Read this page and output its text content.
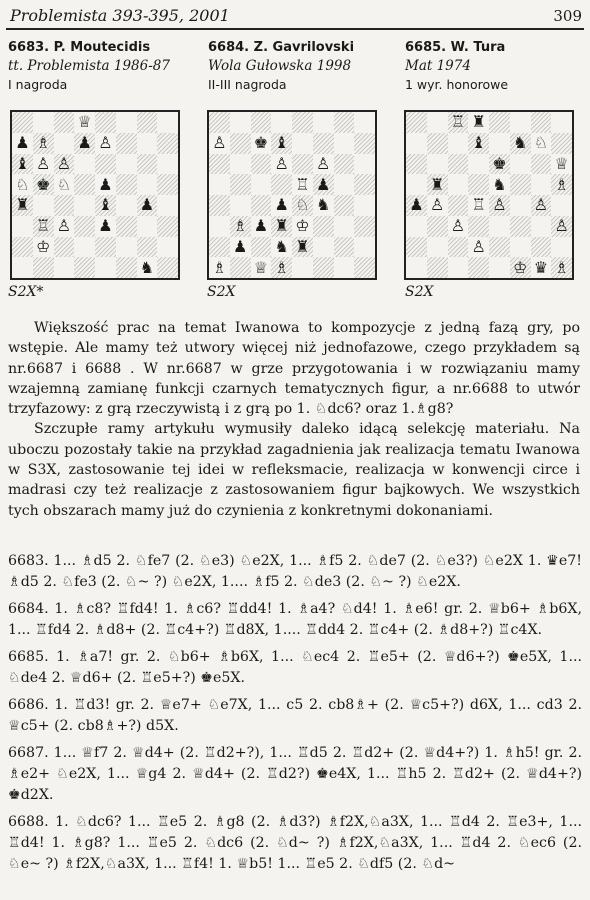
Problemista 393-395, 2001	309
6683. P. Moutecidis
tt. Problemista 1986-87
I nagroda
6684. Z. Gavrilovski
Wola Gułowska 1998
II-III nagroda
6685. W. Tura
Mat 1974
1 wyr. honorowe
♕
♟ ♗ ♟ ♙
♝ ♙ ♙
♘ ♚ ♘ ♟
♜	♝ ♟
♖ ♙ ♟
♔
♞
♙ ♚ ♝
♙ ♙
♖ ♟
♟ ♘ ♞
♗ ♟ ♜ ♔
♟ ♞ ♜
♗ ♕ ♗
♖ ♜
♝ ♞ ♘
♚	♕
♜	♞	♗
♟ ♙ ♖ ♙ ♙
♙	♙
♙
♔ ♛ ♗
S2X*	S2X	S2X

Większość prac na temat Iwanowa to kompozycje z jedną fazą gry, po wstępie. Ale mamy też utwory więcej niż jednofazowe, czego przykładem są nr.6687 i 6688 . W nr.6687 w grze przygotowania i w rozwiązaniu mamy wzajemną zamianę funkcji czarnych tematycznych figur, a nr.6688 to utwór trzyfazowy: z grą rzeczywistą i z grą po 1. ♘dc6? oraz 1.♗g8?

Szczupłe ramy artykułu wymusiły daleko idącą selekcję materiału. Na uboczu pozostały takie na przykład zagadnienia jak realizacja tematu Iwanowa w S3X, zastosowanie tej idei w refleksmacie, realizacja w konwencji circe i madrasi czy też realizacje z zastosowaniem figur bajkowych. We wszystkich tych obszarach mamy już do czynienia z konkretnymi dokonaniami.

6683. 1... ♗d5 2. ♘fe7 (2. ♘e3) ♘e2X, 1... ♗f5 2. ♘de7 (2. ♘e3?) ♘e2X 1. ♛e7! ♗d5 2. ♘fe3 (2. ♘~ ?) ♘e2X, 1.... ♗f5 2. ♘de3 (2. ♘~ ?) ♘e2X.

6684. 1. ♗c8? ♖fd4! 1. ♗c6? ♖dd4! 1. ♗a4? ♘d4! 1. ♗e6! gr. 2. ♕b6+ ♗b6X, 1... ♖fd4 2. ♗d8+ (2. ♖c4+?) ♖d8X, 1.... ♖dd4 2. ♖c4+ (2. ♗d8+?) ♖c4X.

6685. 1. ♗a7! gr. 2. ♘b6+ ♗b6X, 1... ♘ec4 2. ♖e5+ (2. ♕d6+?) ♚e5X, 1... ♘de4 2. ♕d6+ (2. ♖e5+?) ♚e5X.

6686. 1. ♖d3! gr. 2. ♕e7+ ♘e7X, 1... c5 2. cb8♗+ (2. ♕c5+?) d6X, 1... cd3 2. ♕c5+ (2. cb8♗+?) d5X.

6687. 1... ♕f7 2. ♕d4+ (2. ♖d2+?), 1... ♖d5 2. ♖d2+ (2. ♕d4+?) 1. ♗h5! gr. 2. ♗e2+ ♘e2X, 1... ♕g4 2. ♕d4+ (2. ♖d2?) ♚e4X, 1... ♖h5 2. ♖d2+ (2. ♕d4+?) ♚d2X.

6688. 1. ♘dc6? 1... ♖e5 2. ♗g8 (2. ♗d3?) ♗f2X,♘a3X, 1... ♖d4 2. ♖e3+, 1... ♖d4! 1. ♗g8? 1... ♖e5 2. ♘dc6 (2. ♘d~ ?) ♗f2X,♘a3X, 1... ♖d4 2. ♘ec6 (2. ♘e~ ?) ♗f2X,♘a3X, 1... ♖f4! 1. ♕b5! 1... ♖e5 2. ♘df5 (2. ♘d~
